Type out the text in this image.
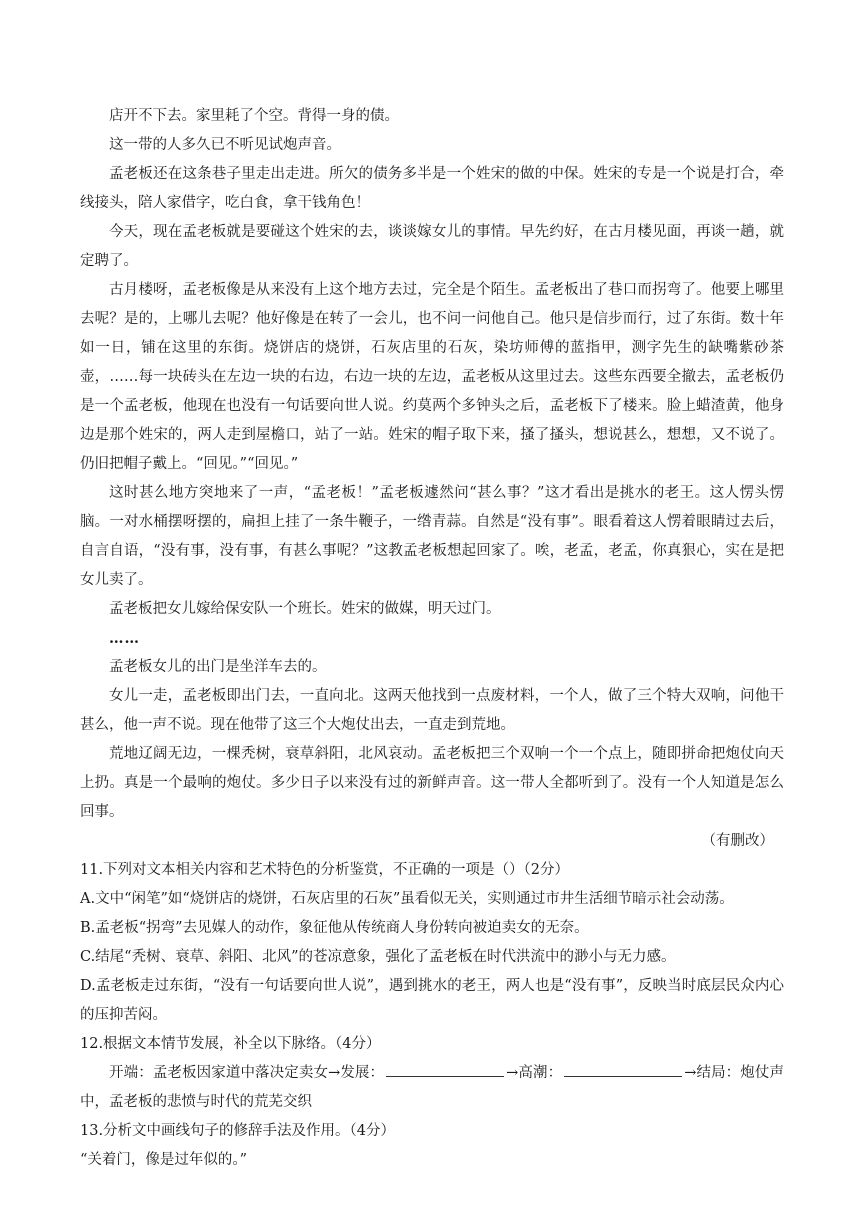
店开不下去。家里耗了个空。背得一身的债。

这一带的人多久已不听见试炮声音。

孟老板还在这条巷子里走出走进。所欠的债务多半是一个姓宋的做的中保。姓宋的专是一个说是打合，牵线接头，陪人家借字，吃白食，拿干钱角色！

今天，现在孟老板就是要碰这个姓宋的去，谈谈嫁女儿的事情。早先约好，在古月楼见面，再谈一趟，就定聘了。

古月楼呀，孟老板像是从来没有上这个地方去过，完全是个陌生。孟老板出了巷口而拐弯了。他要上哪里去呢？是的，上哪儿去呢？他好像是在转了一会儿，也不问一问他自己。他只是信步而行，过了东街。数十年如一日，铺在这里的东街。烧饼店的烧饼，石灰店里的石灰，染坊师傅的蓝指甲，测字先生的缺嘴紫砂茶壶，……每一块砖头在左边一块的右边，右边一块的左边，孟老板从这里过去。这些东西要全撤去，孟老板仍是一个孟老板，他现在也没有一句话要向世人说。约莫两个多钟头之后，孟老板下了楼来。脸上蜡渣黄，他身边是那个姓宋的，两人走到屋檐口，站了一站。姓宋的帽子取下来，搔了搔头，想说甚么，想想，又不说了。仍旧把帽子戴上。“回见。”“回见。”

这时甚么地方突地来了一声，“孟老板！”孟老板遽然问“甚么事？”这才看出是挑水的老王。这人愣头愣脑。一对水桶摆呀摆的，扁担上挂了一条牛鞭子，一绺青蒜。自然是“没有事”。眼看着这人愣着眼睛过去后，自言自语，“没有事，没有事，有甚么事呢？”这教孟老板想起回家了。唉，老孟，老孟，你真狠心，实在是把女儿卖了。

孟老板把女儿嫁给保安队一个班长。姓宋的做媒，明天过门。

……

孟老板女儿的出门是坐洋车去的。

女儿一走，孟老板即出门去，一直向北。这两天他找到一点废材料，一个人，做了三个特大双响，问他干甚么，他一声不说。现在他带了这三个大炮仗出去，一直走到荒地。

荒地辽阔无边，一棵秃树，衰草斜阳，北风哀动。孟老板把三个双响一个一个点上，随即拼命把炮仗向天上扔。真是一个最响的炮仗。多少日子以来没有过的新鲜声音。这一带人全都听到了。没有一个人知道是怎么回事。

（有删改）

11.下列对文本相关内容和艺术特色的分析鉴赏，不正确的一项是（）（2分）

A.文中“闲笔”如“烧饼店的烧饼，石灰店里的石灰”虽看似无关，实则通过市井生活细节暗示社会动荡。

B.孟老板“拐弯”去见媒人的动作，象征他从传统商人身份转向被迫卖女的无奈。

C.结尾“秃树、衰草、斜阳、北风”的苍凉意象，强化了孟老板在时代洪流中的渺小与无力感。

D.孟老板走过东街，“没有一句话要向世人说”，遇到挑水的老王，两人也是“没有事”，反映当时底层民众内心的压抑苦闷。

12.根据文本情节发展，补全以下脉络。（4分）

开端：孟老板因家道中落决定卖女→发展：	→高潮：	→结局：炮仗声中，孟老板的悲愤与时代的荒芜交织

13.分析文中画线句子的修辞手法及作用。（4分）

“关着门，像是过年似的。”
